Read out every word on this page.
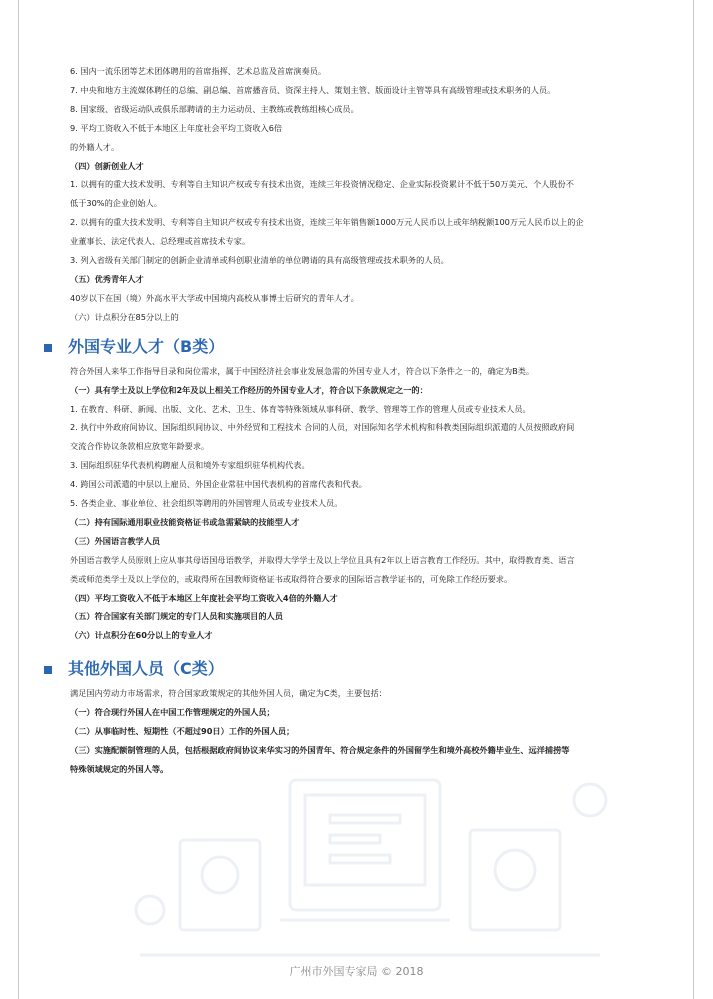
6. 国内一流乐团等艺术团体聘用的首席指挥、艺术总监及首席演奏员。
7. 中央和地方主流媒体聘任的总编、副总编、首席播音员、资深主持人、策划主管、版面设计主管等具有高级管理或技术职务的人员。
8. 国家级、省级运动队或俱乐部聘请的主力运动员、主教练或教练组核心成员。
9. 平均工资收入不低于本地区上年度社会平均工资收入6倍
的外籍人才。
（四）创新创业人才
1. 以拥有的重大技术发明、专利等自主知识产权或专有技术出资，连续三年投资情况稳定、企业实际投资累计不低于50万美元、个人股份不
低于30%的企业创始人。
2. 以拥有的重大技术发明、专利等自主知识产权或专有技术出资，连续三年年销售额1000万元人民币以上或年纳税额100万元人民币以上的企
业董事长、法定代表人、总经理或首席技术专家。
3. 列入省级有关部门制定的创新企业清单或科创职业清单的单位聘请的具有高级管理或技术职务的人员。
（五）优秀青年人才
40岁以下在国（境）外高水平大学或中国境内高校从事博士后研究的青年人才。
（六）计点积分在85分以上的
外国专业人才（B类）
符合外国人来华工作指导目录和岗位需求，属于中国经济社会事业发展急需的外国专业人才，符合以下条件之一的，确定为B类。
（一）具有学士及以上学位和2年及以上相关工作经历的外国专业人才，符合以下条款规定之一的：
1. 在教育、科研、新闻、出版、文化、艺术、卫生、体育等特殊领域从事科研、教学、管理等工作的管理人员或专业技术人员。
2. 执行中外政府间协议、国际组织间协议、中外经贸和工程技术 合同的人员，对国际知名学术机构和科教类国际组织派遣的人员按照政府间
交流合作协议条款相应放宽年龄要求。
3. 国际组织驻华代表机构聘雇人员和境外专家组织驻华机构代表。
4. 跨国公司派遣的中层以上雇员、外国企业常驻中国代表机构的首席代表和代表。
5. 各类企业、事业单位、社会组织等聘用的外国管理人员或专业技术人员。
（二）持有国际通用职业技能资格证书或急需紧缺的技能型人才
（三）外国语言教学人员
外国语言教学人员原则上应从事其母语国母语教学，并取得大学学士及以上学位且具有2年以上语言教育工作经历。其中，取得教育类、语言
类或师范类学士及以上学位的，或取得所在国教师资格证书或取得符合要求的国际语言教学证书的，可免除工作经历要求。
（四）平均工资收入不低于本地区上年度社会平均工资收入4倍的外籍人才
（五）符合国家有关部门规定的专门人员和实施项目的人员
（六）计点积分在60分以上的专业人才
其他外国人员（C类）
满足国内劳动力市场需求，符合国家政策规定的其他外国人员，确定为C类，主要包括：
（一）符合现行外国人在中国工作管理规定的外国人员；
（二）从事临时性、短期性（不超过90日）工作的外国人员；
（三）实施配额制管理的人员，包括根据政府间协议来华实习的外国青年、符合规定条件的外国留学生和境外高校外籍毕业生、远洋捕捞等
特殊领域规定的外国人等。
广州市外国专家局 © 2018
